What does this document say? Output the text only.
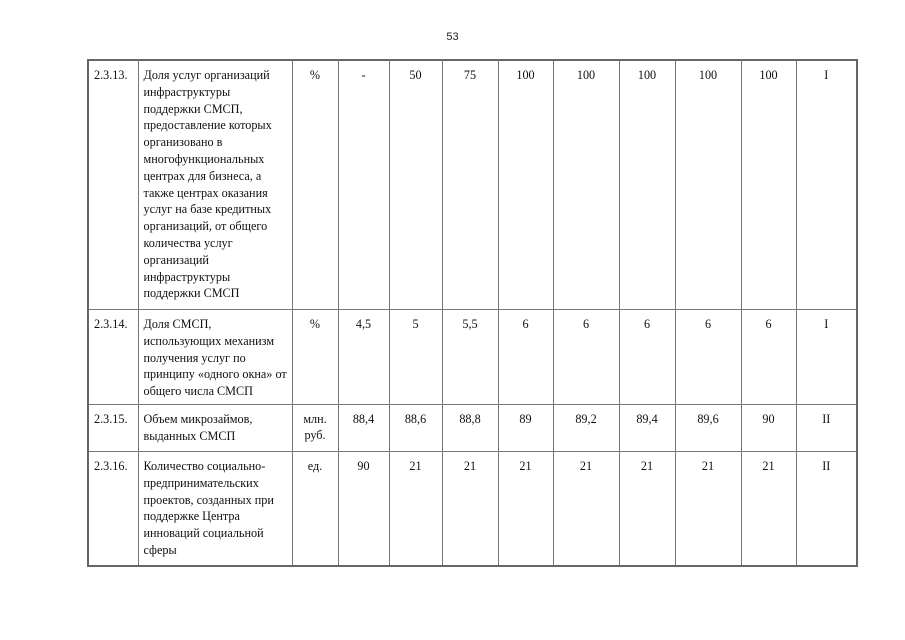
53
2.3.13.	Доля услуг организаций инфраструктуры поддержки СМСП, предоставление которых организовано в многофункциональных центрах для бизнеса, а также центрах оказания услуг на базе кредитных организаций, от общего количества услуг организаций инфраструктуры поддержки СМСП	%	-	50	75	100	100	100	100	100	I
2.3.14.	Доля СМСП, использующих механизм получения услуг по принципу «одного окна» от общего числа СМСП	%	4,5	5	5,5	6	6	6	6	6	I
2.3.15.	Объем микрозаймов, выданных СМСП	млн. руб.	88,4	88,6	88,8	89	89,2	89,4	89,6	90	II
2.3.16.	Количество социально-предпринимательских проектов, созданных при поддержке Центра инноваций социальной сферы	ед.	90	21	21	21	21	21	21	21	II
